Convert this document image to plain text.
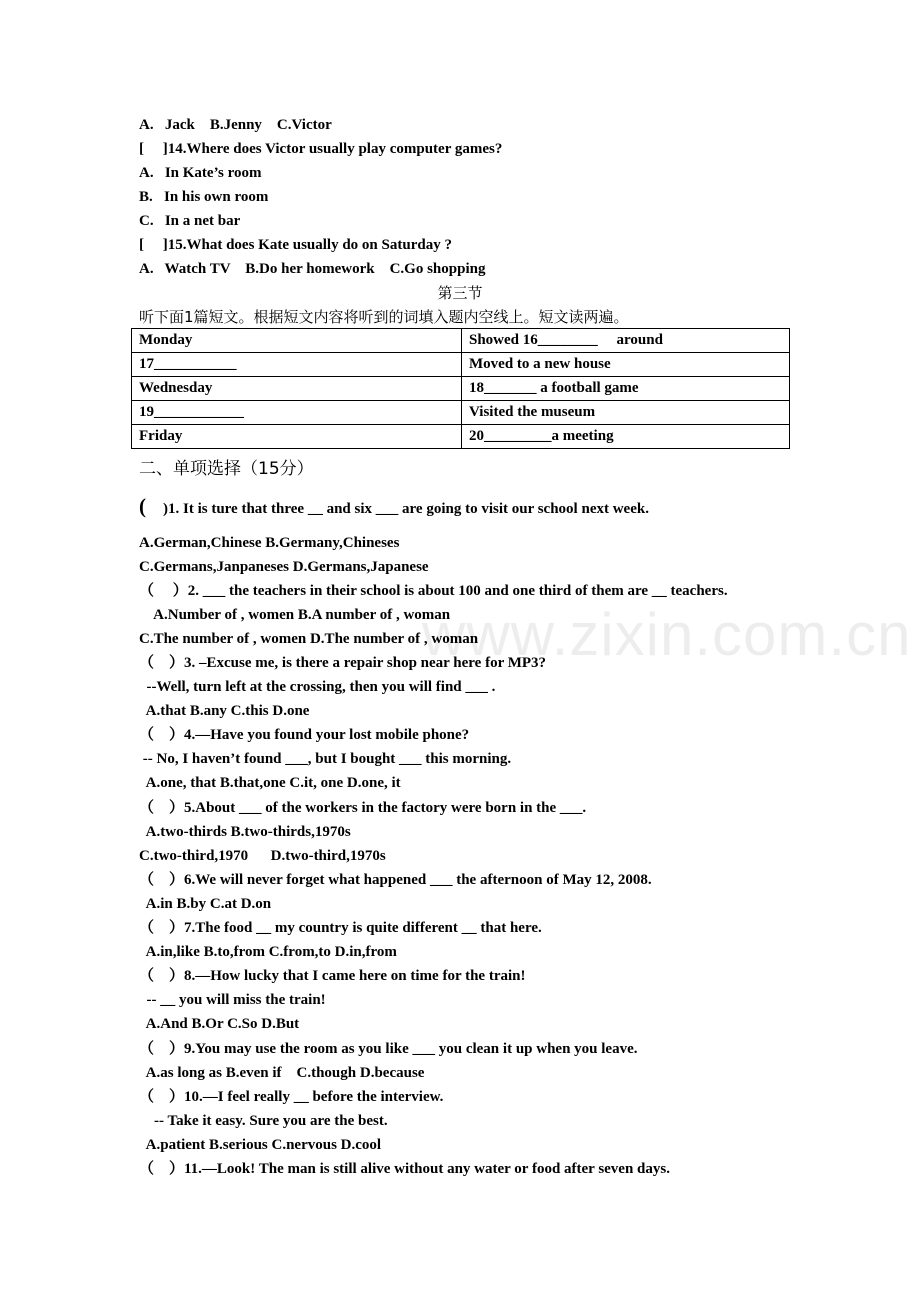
A.   Jack    B.Jenny    C.Victor
[     ]14.Where does Victor usually play computer games?
A.   In Kate’s room
B.   In his own room
C.   In a net bar
[     ]15.What does Kate usually do on Saturday ?
A.   Watch TV    B.Do her homework    C.Go shopping
第三节
听下面1篇短文。根据短文内容将听到的词填入题内空线上。短文读两遍。
Monday	Showed 16________     around
17___________	Moved to a new house
Wednesday	18_______ a football game
19____________	Visited the museum
Friday	20_________a meeting
二、单项选择（15分）
( )1. It is ture that three __ and six ___ are going to visit our school next week.
A.German,Chinese B.Germany,Chineses
C.Germans,Janpaneses D.Germans,Japanese
（     ）2. ___ the teachers in their school is about 100 and one third of them are __ teachers.
A.Number of , women B.A number of , woman
C.The number of , women D.The number of , woman
（    ）3. –Excuse me, is there a repair shop near here for MP3?
--Well, turn left at the crossing, then you will find ___ .
A.that B.any C.this D.one
（    ）4.—Have you found your lost mobile phone?
-- No, I haven’t found ___, but I bought ___ this morning.
A.one, that B.that,one C.it, one D.one, it
（    ）5.About ___ of the workers in the factory were born in the ___.
A.two-thirds B.two-thirds,1970s
C.two-third,1970      D.two-third,1970s
（    ）6.We will never forget what happened ___ the afternoon of May 12, 2008.
A.in B.by C.at D.on
（    ）7.The food __ my country is quite different __ that here.
A.in,like B.to,from C.from,to D.in,from
（    ）8.—How lucky that I came here on time for the train!
-- __ you will miss the train!
A.And B.Or C.So D.But
（    ）9.You may use the room as you like ___ you clean it up when you leave.
A.as long as B.even if    C.though D.because
（    ）10.—I feel really __ before the interview.
-- Take it easy. Sure you are the best.
A.patient B.serious C.nervous D.cool
（    ）11.—Look! The man is still alive without any water or food after seven days.
www.zixin.com.cn
